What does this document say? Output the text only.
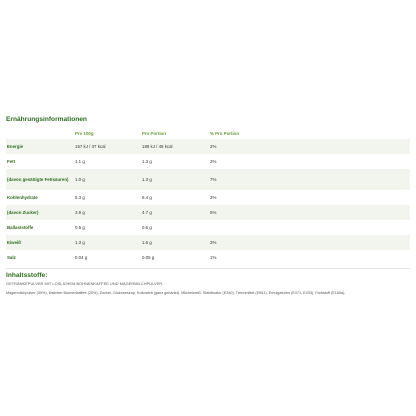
Ernährungsinformationen
	Pro 100g	Pro Portion	% Pro Portion
Energie	157 kJ / 37 kcal	189 kJ / 45 kcal	2%
Fett	1.1 g	1.3 g	2%
(davon gesättigte Fettsäuren)	1.0 g	1.3 g	7%
Kohlenhydrate	5.3 g	6.4 g	2%
(davon Zucker)	3.9 g	4.7 g	5%
Ballaststoffe	0.5 g	0.6 g	
Eiweiß	1.3 g	1.6 g	3%
Salz	0.04 g	0.05 g	1%
Inhaltsstoffe:
GETRÄNKEPULVER MIT LÖSLICHEM BOHNENKAFFEE UND MAGERMILCHPULVER.
Magermilchpulver (30%), löslicher Bohnenkaffee (25%), Zucker, Glukosesirup, Kokosfett (ganz gehärtet), Milcheiweiß, Stabilisator (E340), Trennmittel (E551), Emulgatoren (E471, E433), Farbstoff (E160a).
